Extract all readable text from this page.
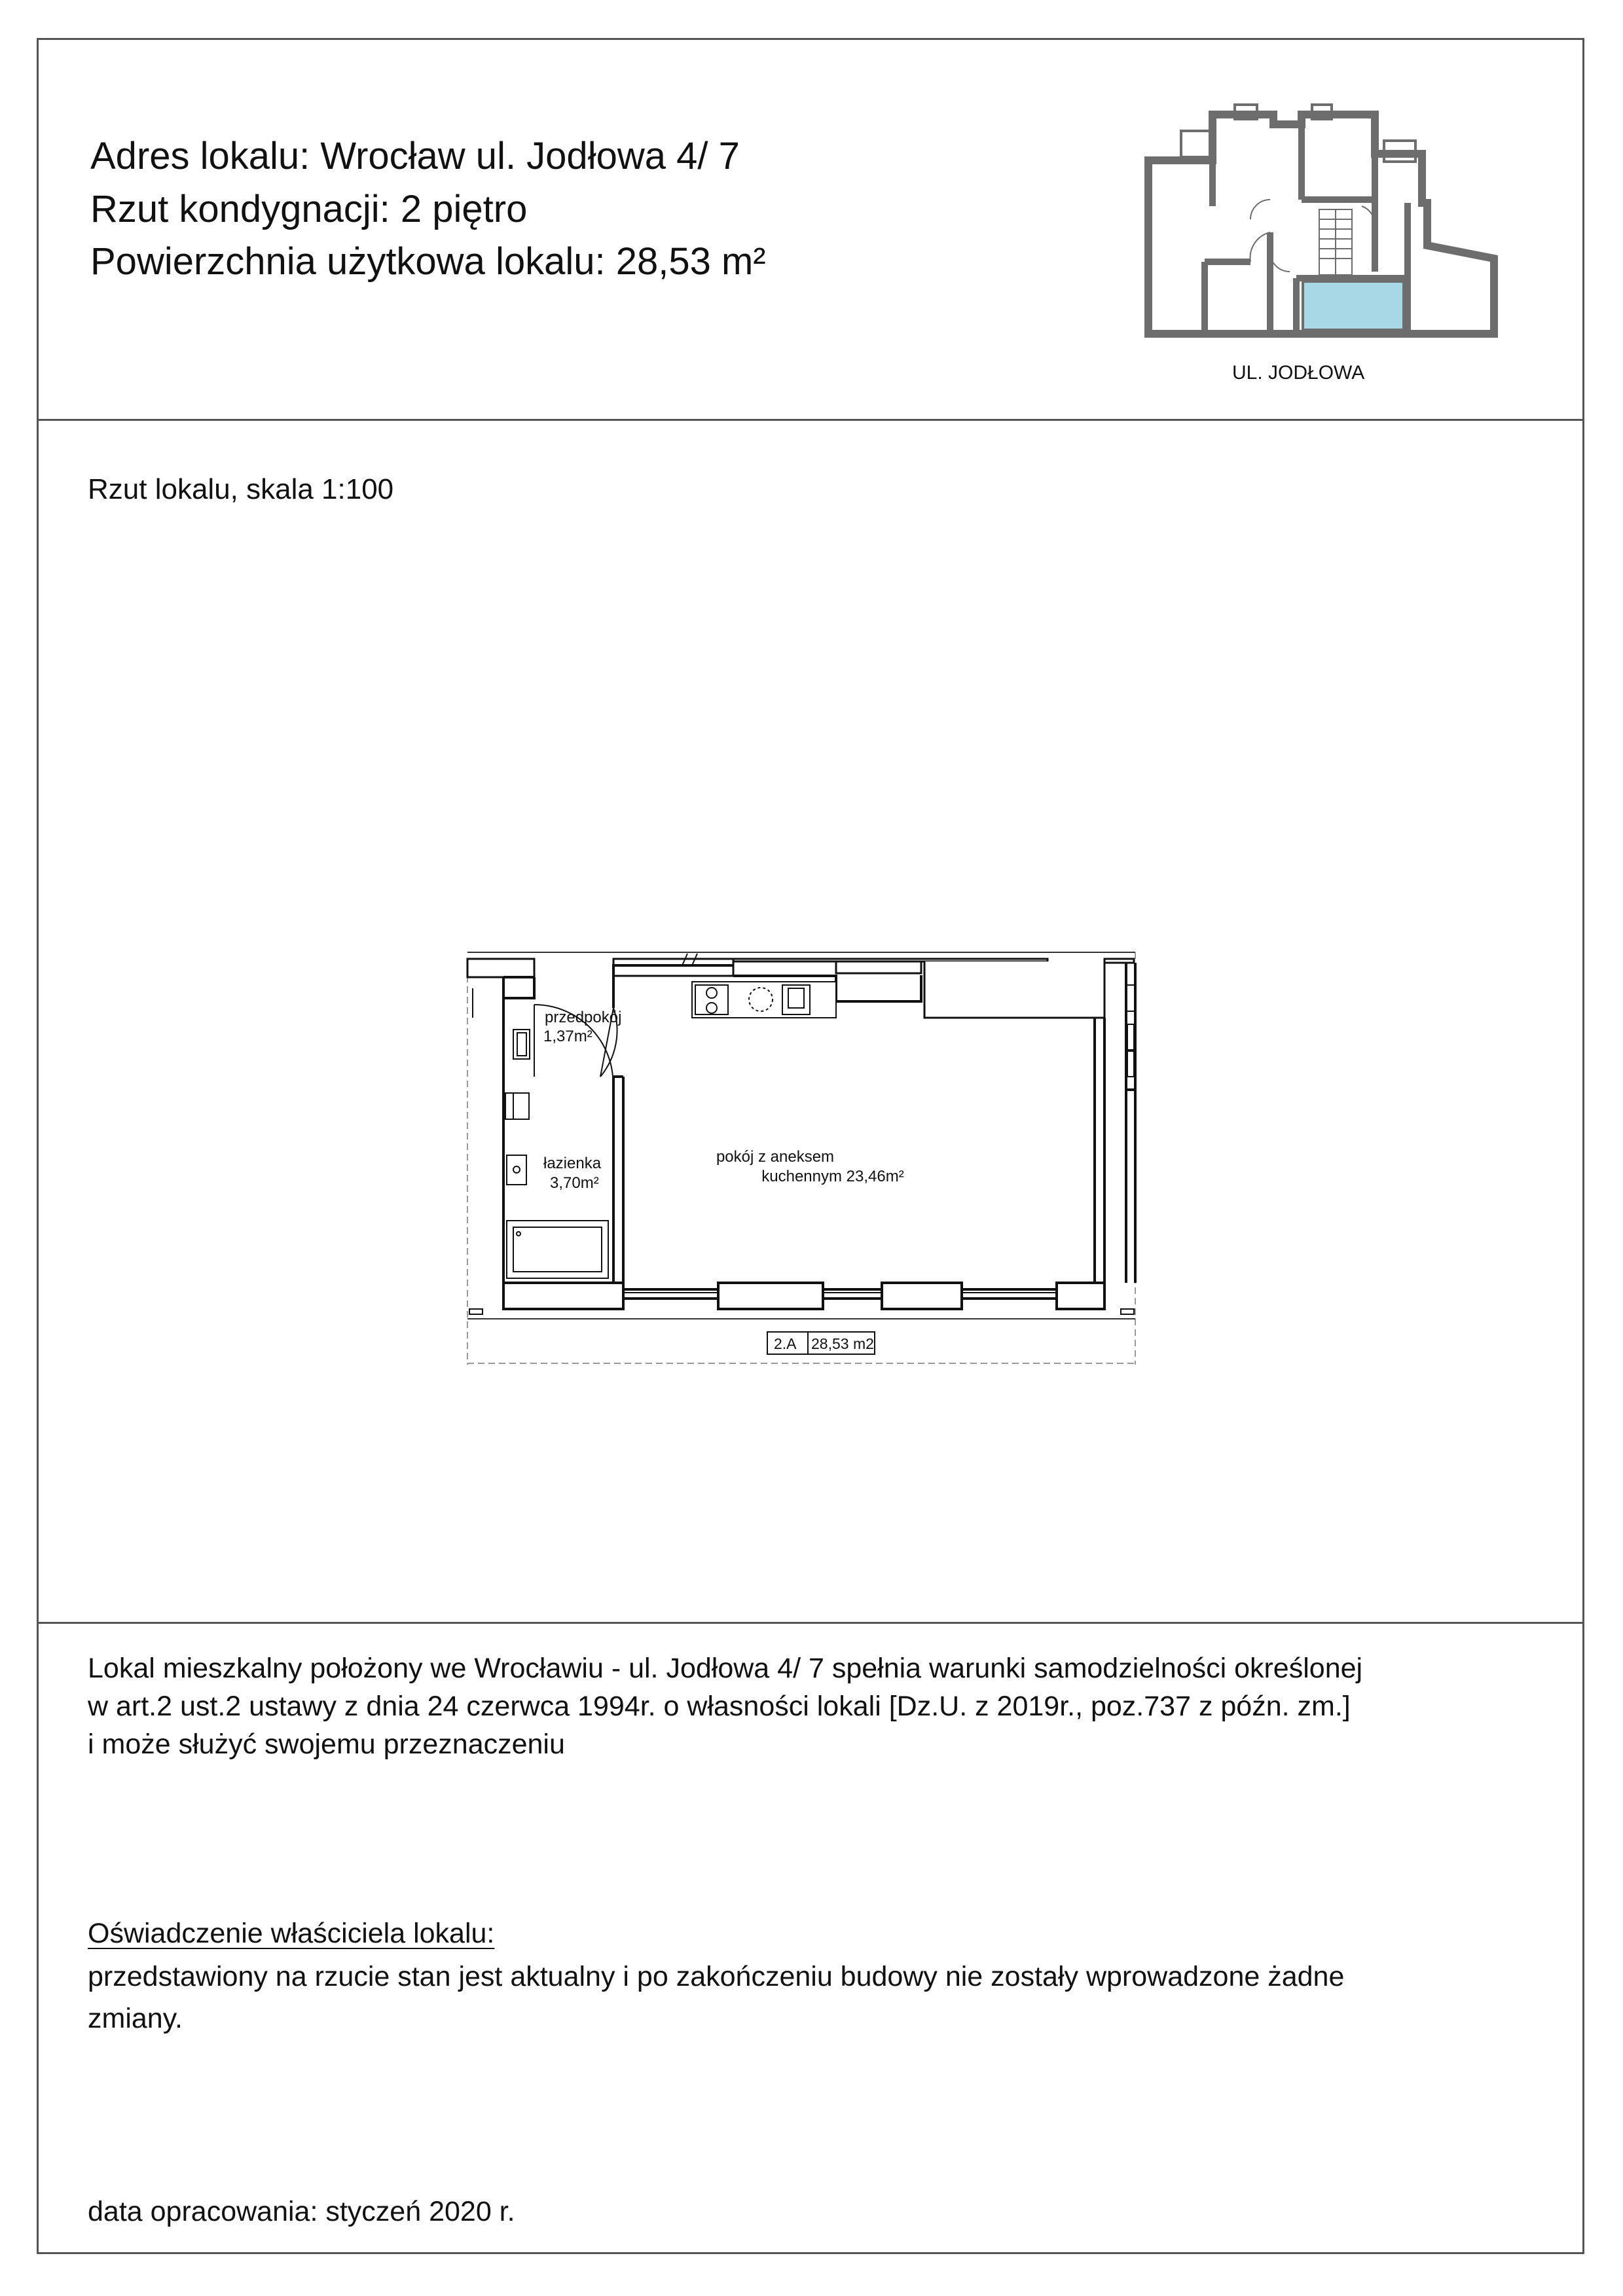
Adres lokalu: Wrocław ul. Jodłowa 4/ 7
Rzut kondygnacji: 2 piętro
Powierzchnia użytkowa lokalu: 28,53 m²
UL. JODŁOWA
Rzut lokalu, skala 1:100
przedpokój
1,37m²
łazienka
3,70m²
pokój z aneksem
kuchennym 23,46m²
2.A 28,53 m2
Lokal mieszkalny położony we Wrocławiu - ul. Jodłowa 4/ 7 spełnia warunki samodzielności określonej
w art.2 ust.2 ustawy z dnia 24 czerwca 1994r. o własności lokali [Dz.U. z 2019r., poz.737 z późn. zm.]
i może służyć swojemu przeznaczeniu
Oświadczenie właściciela lokalu:
przedstawiony na rzucie stan jest aktualny i po zakończeniu budowy nie zostały wprowadzone żadne
zmiany.
data opracowania: styczeń 2020 r.
